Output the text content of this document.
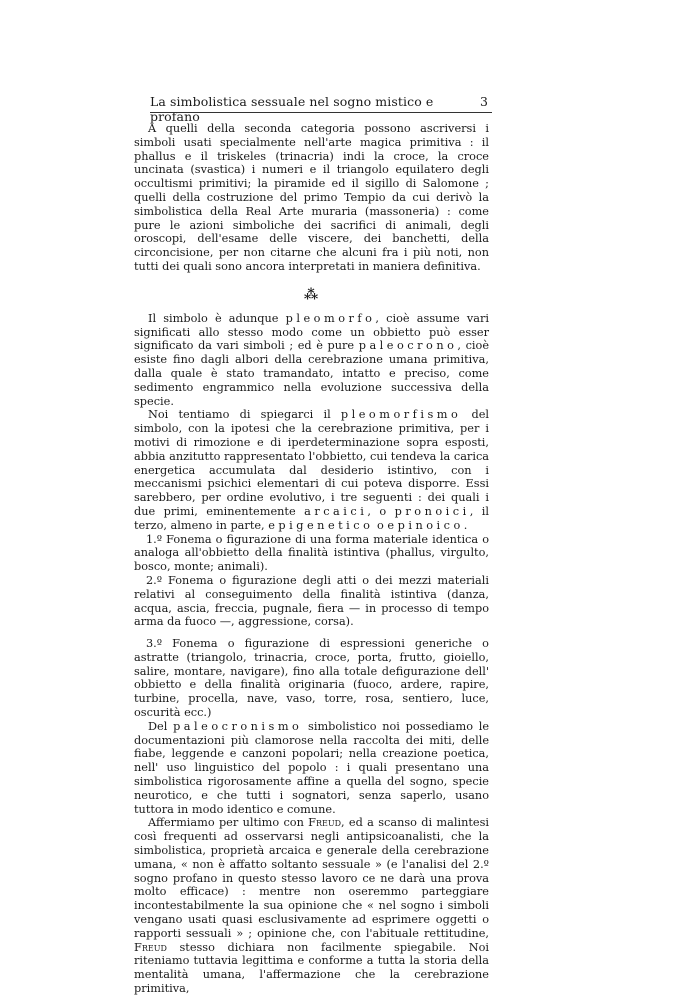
La simbolistica sessuale nel sogno mistico e profano
3

A quelli della seconda categoria possono ascriversi i simboli usati specialmente nell'arte magica primitiva : il phallus e il triskeles (trinacria) indi la croce, la croce uncinata (svastica) i numeri e il triangolo equilatero degli occultismi primitivi; la piramide ed il sigillo di Salomone ; quelli della costruzione del primo Tempio da cui derivò la simbolistica della Real Arte muraria (massoneria) : come pure le azioni simboliche dei sacrifici di animali, degli oroscopi, dell'esame delle viscere, dei banchetti, della circoncisione, per non citarne che alcuni fra i più noti, non tutti dei quali sono ancora interpretati in maniera definitiva.

⁂

Il simbolo è adunque pleomorfo, cioè assume vari significati allo stesso modo come un obbietto può esser significato da vari simboli ; ed è pure paleocrono, cioè esiste fino dagli albori della cerebrazione umana primitiva, dalla quale è stato tramandato, intatto e preciso, come sedimento engrammico nella evoluzione successiva della specie.

Noi tentiamo di spiegarci il pleomorfismo del simbolo, con la ipotesi che la cerebrazione primitiva, per i motivi di rimozione e di iperdeterminazione sopra esposti, abbia anzitutto rappresentato l'obbietto, cui tendeva la carica energetica accumulata dal desiderio istintivo, con i meccanismi psichici elementari di cui poteva disporre. Essi sarebbero, per ordine evolutivo, i tre seguenti : dei quali i due primi, eminentemente arcaici, o pronoici, il terzo, almeno in parte, epigenetico o epinoico.

1.º Fonema o figurazione di una forma materiale identica o analoga all'obbietto della finalità istintiva (phallus, virgulto, bosco, monte; animali).

2.º Fonema o figurazione degli atti o dei mezzi materiali relativi al conseguimento della finalità istintiva (danza, acqua, ascia, freccia, pugnale, fiera — in processo di tempo arma da fuoco —, aggressione, corsa).

3.º Fonema o figurazione di espressioni generiche o astratte (triangolo, trinacria, croce, porta, frutto, gioiello, salire, montare, navigare), fino alla totale defigurazione dell' obbietto e della finalità originaria (fuoco, ardere, rapire, turbine, procella, nave, vaso, torre, rosa, sentiero, luce, oscurità ecc.)

Del paleocronismo simbolistico noi possediamo le documentazioni più clamorose nella raccolta dei miti, delle fiabe, leggende e canzoni popolari; nella creazione poetica, nell' uso linguistico del popolo : i quali presentano una simbolistica rigorosamente affine a quella del sogno, specie neurotico, e che tutti i sognatori, senza saperlo, usano tuttora in modo identico e comune.

Affermiamo per ultimo con Freud, ed a scanso di malintesi così frequenti ad osservarsi negli antipsicoanalisti, che la simbolistica, proprietà arcaica e generale della cerebrazione umana, « non è affatto soltanto sessuale » (e l'analisi del 2.º sogno profano in questo stesso lavoro ce ne darà una prova molto efficace) : mentre non oseremmo parteggiare incontestabilmente la sua opinione che « nel sogno i simboli vengano usati quasi esclusivamente ad esprimere oggetti o rapporti sessuali » ; opinione che, con l'abituale rettitudine, Freud stesso dichiara non facilmente spiegabile. Noi riteniamo tuttavia legittima e conforme a tutta la storia della mentalità umana, l'affermazione che la cerebrazione primitiva,
